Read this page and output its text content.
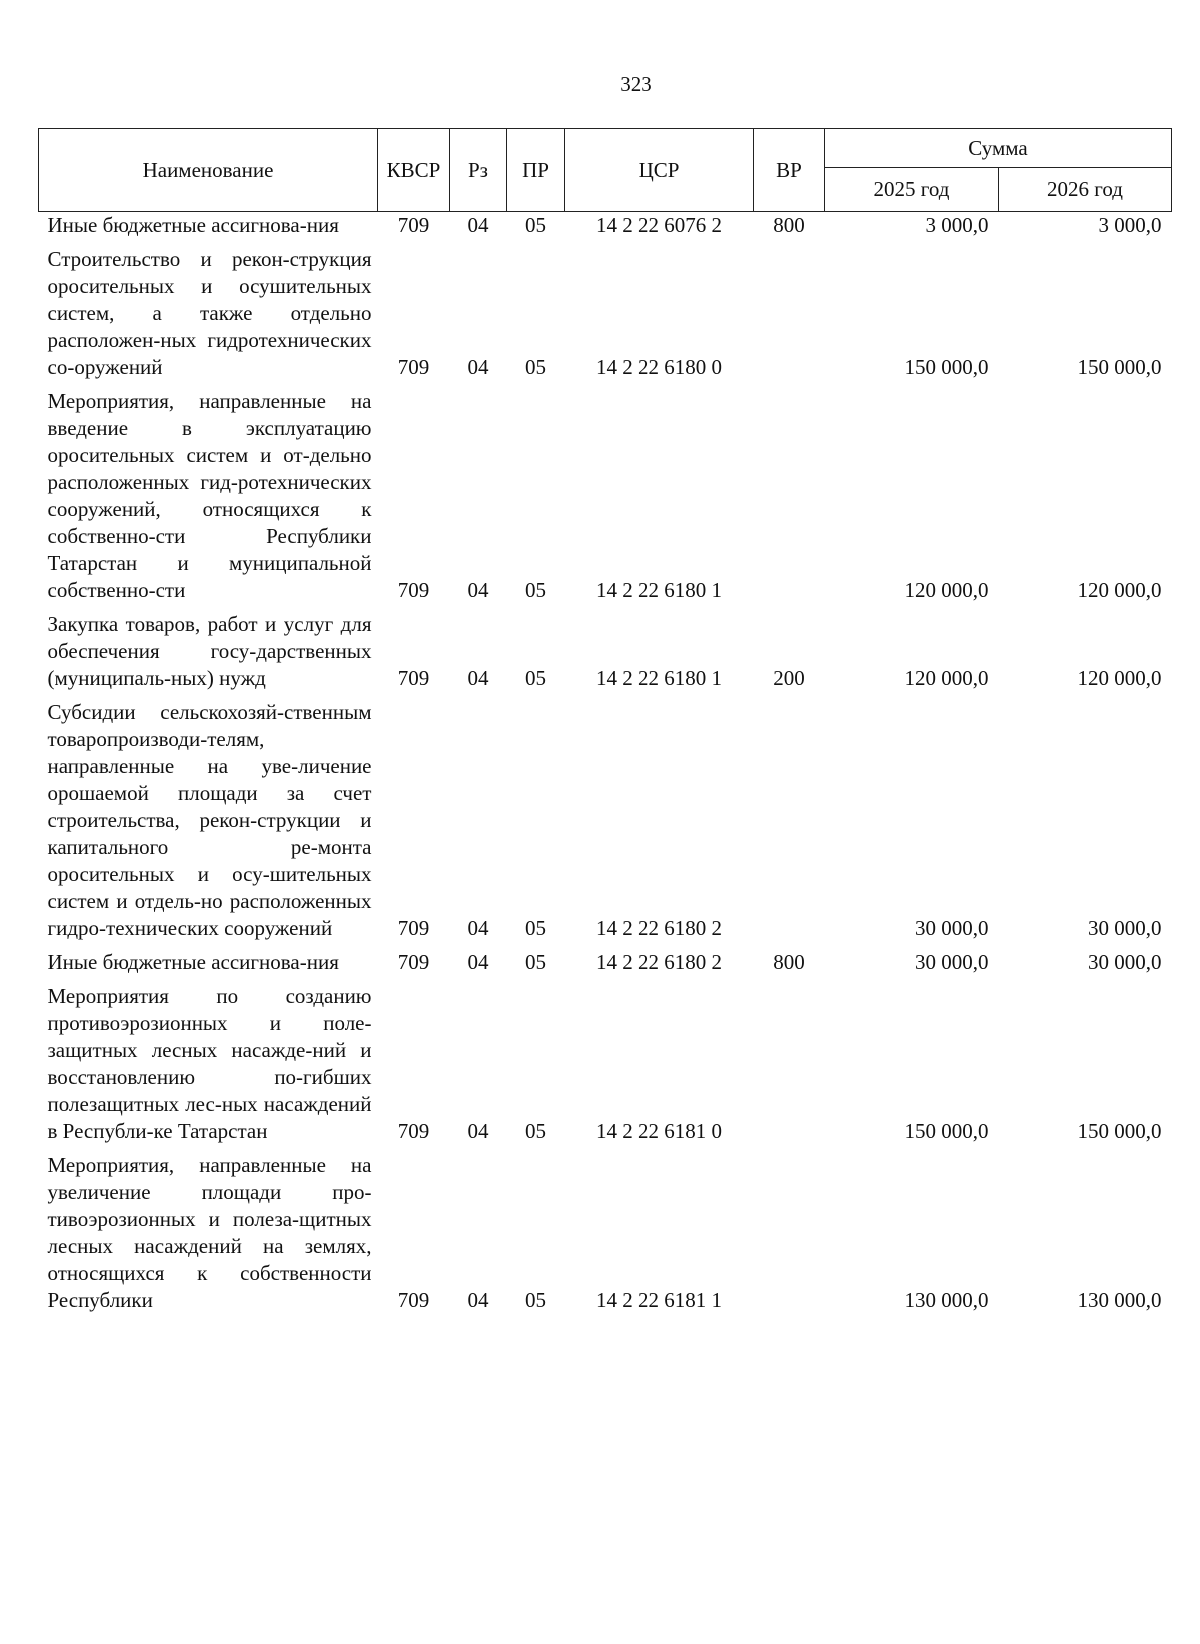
323
Наименование	КВСР	Рз	ПР	ЦСР	ВР	Сумма	
						2025 год	2026 год
Иные бюджетные ассигнова-ния	709	04	05	14 2 22 6076 2	800	3 000,0	3 000,0
Строительство и рекон-струкция оросительных и осушительных систем, а также отдельно расположен-ных гидротехнических со-оружений	709	04	05	14 2 22 6180 0		150 000,0	150 000,0
Мероприятия, направленные на введение в эксплуатацию оросительных систем и от-дельно расположенных гид-ротехнических сооружений, относящихся к собственно-сти Республики Татарстан и муниципальной собственно-сти	709	04	05	14 2 22 6180 1		120 000,0	120 000,0
Закупка товаров, работ и услуг для обеспечения госу-дарственных (муниципаль-ных) нужд	709	04	05	14 2 22 6180 1	200	120 000,0	120 000,0
Субсидии сельскохозяй-ственным товаропроизводи-телям, направленные на уве-личение орошаемой площади за счет строительства, рекон-струкции и капитального ре-монта оросительных и осу-шительных систем и отдель-но расположенных гидро-технических сооружений	709	04	05	14 2 22 6180 2		30 000,0	30 000,0
Иные бюджетные ассигнова-ния	709	04	05	14 2 22 6180 2	800	30 000,0	30 000,0
Мероприятия по созданию противоэрозионных и поле-защитных лесных насажде-ний и восстановлению по-гибших полезащитных лес-ных насаждений в Республи-ке Татарстан	709	04	05	14 2 22 6181 0		150 000,0	150 000,0
Мероприятия, направленные на увеличение площади про-тивоэрозионных и полеза-щитных лесных насаждений на землях, относящихся к собственности Республики	709	04	05	14 2 22 6181 1		130 000,0	130 000,0
